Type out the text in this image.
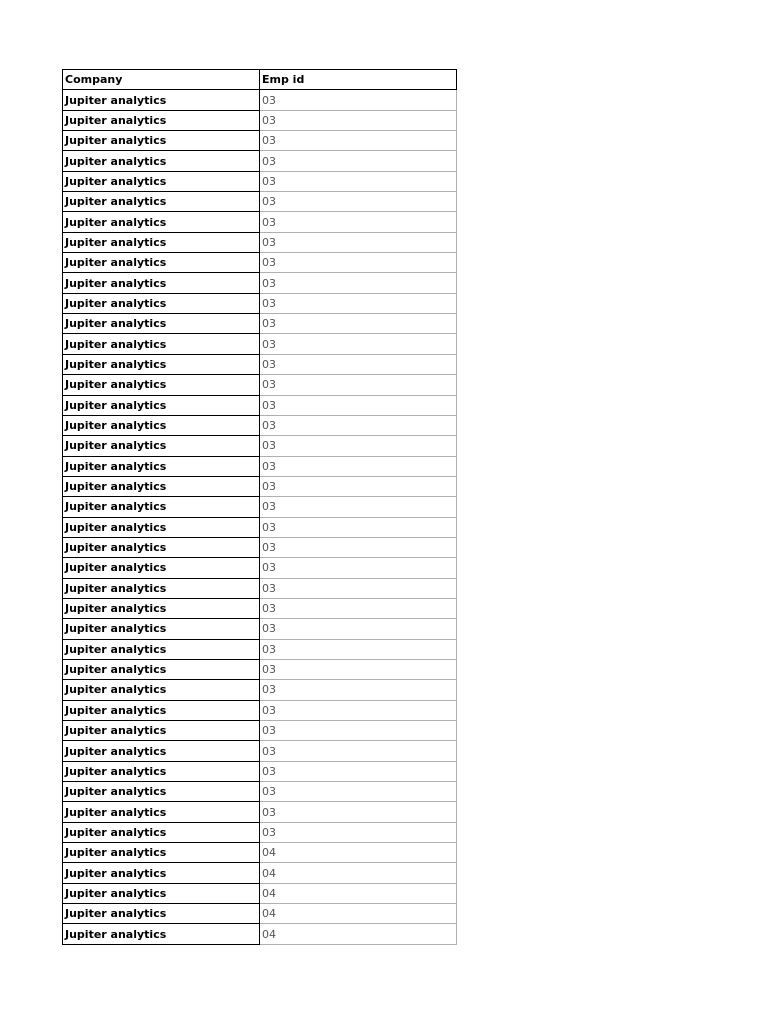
Company	Emp id
Jupiter analytics	03
Jupiter analytics	03
Jupiter analytics	03
Jupiter analytics	03
Jupiter analytics	03
Jupiter analytics	03
Jupiter analytics	03
Jupiter analytics	03
Jupiter analytics	03
Jupiter analytics	03
Jupiter analytics	03
Jupiter analytics	03
Jupiter analytics	03
Jupiter analytics	03
Jupiter analytics	03
Jupiter analytics	03
Jupiter analytics	03
Jupiter analytics	03
Jupiter analytics	03
Jupiter analytics	03
Jupiter analytics	03
Jupiter analytics	03
Jupiter analytics	03
Jupiter analytics	03
Jupiter analytics	03
Jupiter analytics	03
Jupiter analytics	03
Jupiter analytics	03
Jupiter analytics	03
Jupiter analytics	03
Jupiter analytics	03
Jupiter analytics	03
Jupiter analytics	03
Jupiter analytics	03
Jupiter analytics	03
Jupiter analytics	03
Jupiter analytics	03
Jupiter analytics	04
Jupiter analytics	04
Jupiter analytics	04
Jupiter analytics	04
Jupiter analytics	04
